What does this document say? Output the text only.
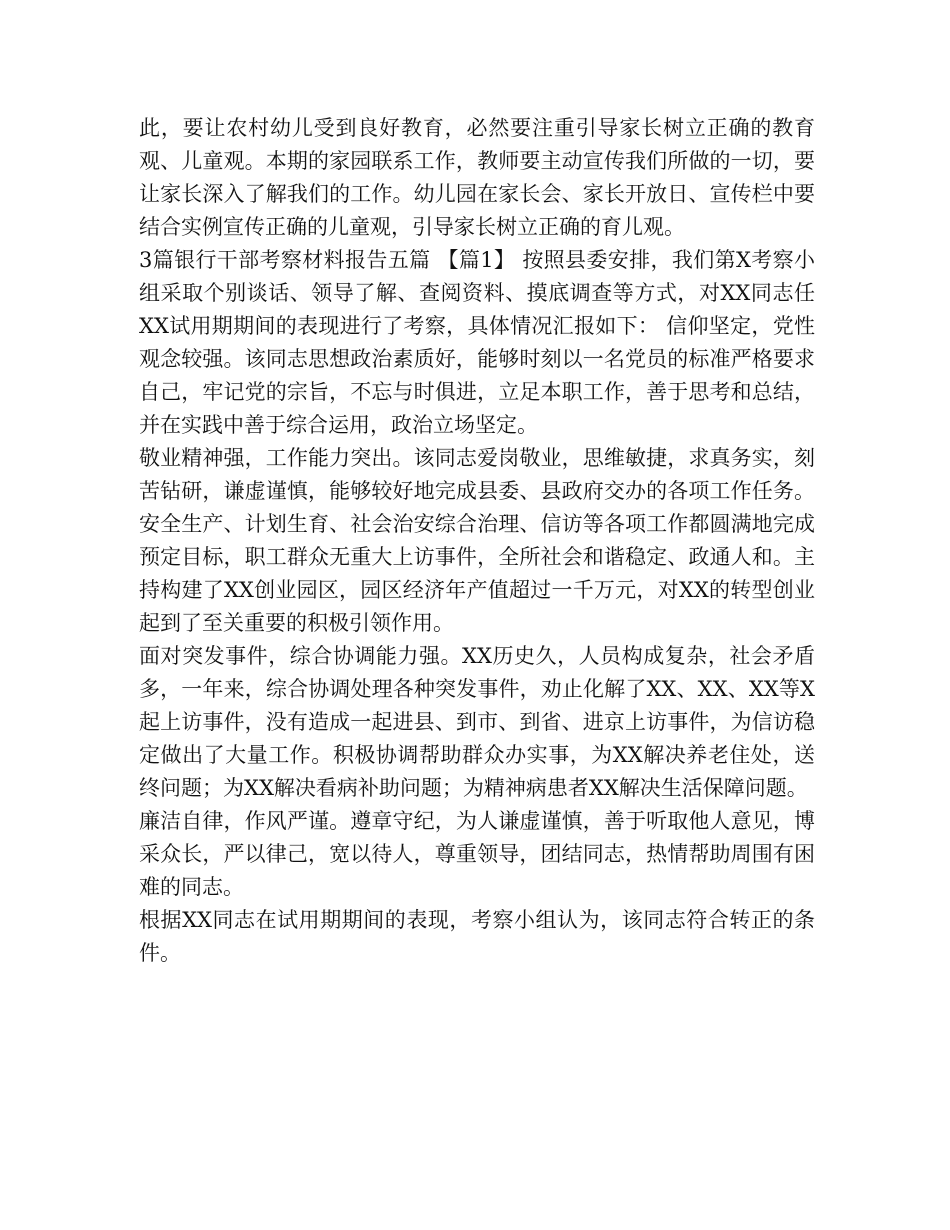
此，要让农村幼儿受到良好教育，必然要注重引导家长树立正确的教育观、儿童观。本期的家园联系工作，教师要主动宣传我们所做的一切，要让家长深入了解我们的工作。幼儿园在家长会、家长开放日、宣传栏中要结合实例宣传正确的儿童观，引导家长树立正确的育儿观。

3篇银行干部考察材料报告五篇 【篇1】 按照县委安排，我们第X考察小组采取个别谈话、领导了解、查阅资料、摸底调查等方式，对XX同志任XX试用期期间的表现进行了考察，具体情况汇报如下： 信仰坚定，党性观念较强。该同志思想政治素质好，能够时刻以一名党员的标准严格要求自己，牢记党的宗旨，不忘与时俱进，立足本职工作，善于思考和总结，并在实践中善于综合运用，政治立场坚定。

敬业精神强，工作能力突出。该同志爱岗敬业，思维敏捷，求真务实，刻苦钻研，谦虚谨慎，能够较好地完成县委、县政府交办的各项工作任务。安全生产、计划生育、社会治安综合治理、信访等各项工作都圆满地完成预定目标，职工群众无重大上访事件，全所社会和谐稳定、政通人和。主持构建了XX创业园区，园区经济年产值超过一千万元，对XX的转型创业起到了至关重要的积极引领作用。

面对突发事件，综合协调能力强。XX历史久，人员构成复杂，社会矛盾多，一年来，综合协调处理各种突发事件，劝止化解了XX、XX、XX等X起上访事件，没有造成一起进县、到市、到省、进京上访事件，为信访稳定做出了大量工作。积极协调帮助群众办实事，为XX解决养老住处，送终问题；为XX解决看病补助问题；为精神病患者XX解决生活保障问题。

廉洁自律，作风严谨。遵章守纪，为人谦虚谨慎，善于听取他人意见，博采众长，严以律己，宽以待人，尊重领导，团结同志，热情帮助周围有困难的同志。

根据XX同志在试用期期间的表现，考察小组认为，该同志符合转正的条件。
